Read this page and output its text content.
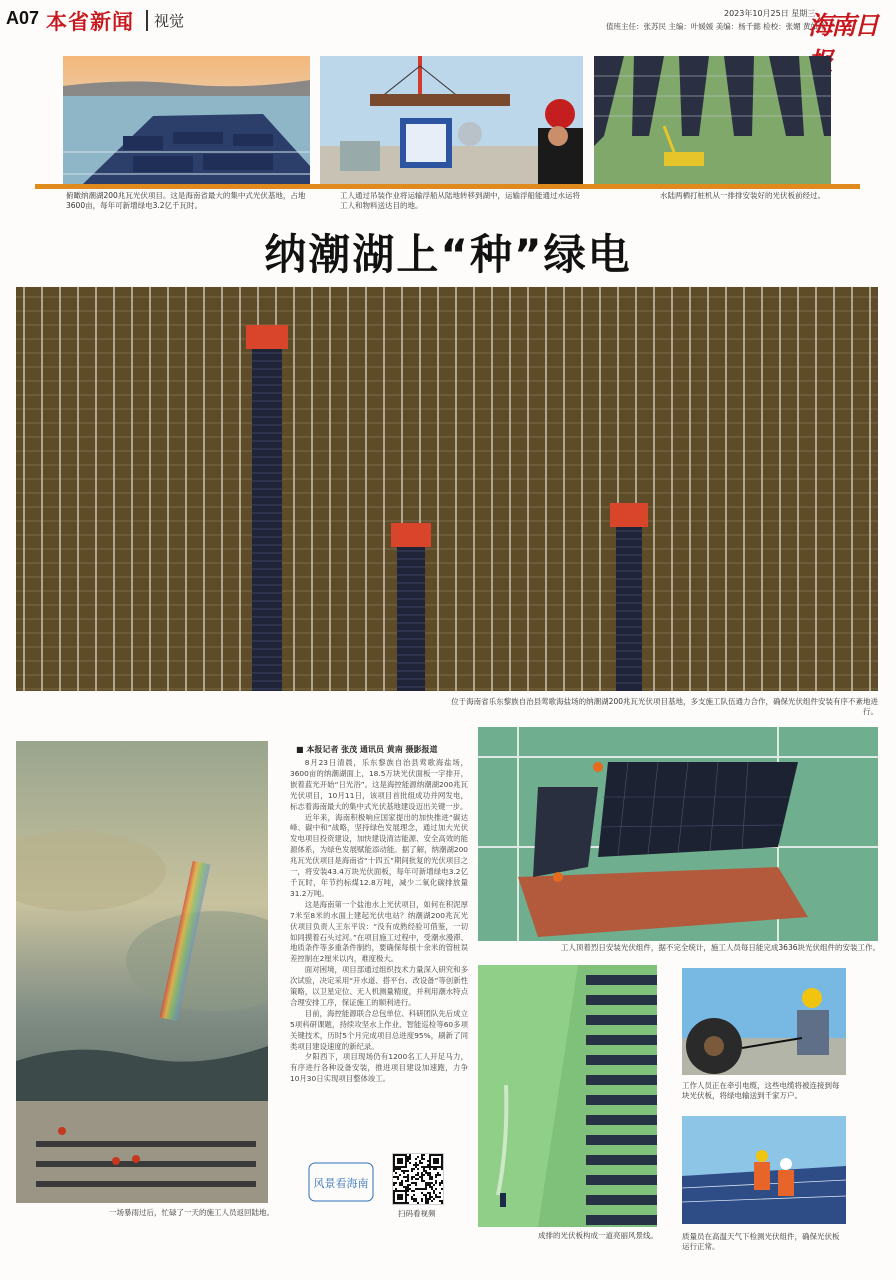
A07 本省新闻	视觉	2023年10月25日 星期三
值班主任：张苏民 主编：叶媛媛 美编：杨千懿 检校：张媚 黄如祥
海南日
俯瞰纳潮湖200兆瓦光伏项目。这是海南省最大的集中式光伏基地，占地3600亩，每年可新增绿电3.2亿千瓦时。
工人通过吊装作业将运输浮船从陆地转移到湖中，运输浮船能通过水运将工人和物料送达目的地。
水陆两栖打桩机从一排排安装好的光伏板前经过。
纳潮湖上“种”绿电
位于海南省乐东黎族自治县莺歌海盐场的纳潮湖200兆瓦光伏项目基地，多支施工队伍通力合作，确保光伏组件安装有序不紊地进行。
一场暴雨过后，忙碌了一天的施工人员返回陆地。
■ 本报记者 张茂 通讯员 黄南 摄影报道

8月23日清晨，乐东黎族自治县莺歌海盐场，3600亩的纳潮湖面上，18.5万块光伏面板一字排开，嵌着蓝光开始“日光浴”。这是海控能源纳潮湖200兆瓦光伏项目，10月11日，该项目首批组成功并网发电，标志着海南最大的集中式光伏基地建设迈出关键一步。

近年来，海南积极响应国家提出的加快推进“碳达峰、碳中和”战略，坚持绿色发展理念，通过加大光伏发电项目投资建设，加快建设清洁能源、安全高效的能源体系，为绿色发展赋能添动能。据了解，纳潮湖200兆瓦光伏项目是海南省“十四五”期间批复的光伏项目之一，将安装43.4万块光伏面板，每年可新增绿电3.2亿千瓦时，年节约标煤12.8万吨，减少二氧化碳排放量31.2万吨。

这是海南第一个盐池水上光伏项目，如何在积泥厚7米至8米的水面上建起光伏电站？纳潮湖200兆瓦光伏项目负责人王东平说：“没有成熟经验可借鉴，一切如同摸着石头过河。”在项目施工过程中，受潮水漫滞、地质条件等多重条件制约，要确保每根十余米的管桩误差控制在2厘米以内，难度极大。

面对困境，项目部通过组织技术力量深入研究和多次试验，决定采用“开水道、搭平台、改设备”等创新性策略，以卫星定位、无人机测量精度，并利用潮水特点合理安排工序，保证施工的顺利进行。

目前，海控能源联合总包单位、科研团队先后成立5项科研课题，持续攻坚水上作业、智能巡检等60多项关键技术，历时5个月完成项目总进度95%，刷新了同类项目建设速度的新纪录。

夕阳西下，项目现场仍有1200名工人开足马力，有序进行各种设备安装，推进项目建设加速跑，力争10月30日实现项目整体竣工。

风景看海南
扫码看视频
工人顶着烈日安装光伏组件，据不完全统计，施工人员每日能完成3636块光伏组件的安装工作。
成排的光伏板构成一道亮丽风景线。
工作人员正在牵引电缆，这些电缆将被连接到每块光伏板，将绿电输送到千家万户。
质量员在高温天气下检测光伏组件，确保光伏板运行正常。
